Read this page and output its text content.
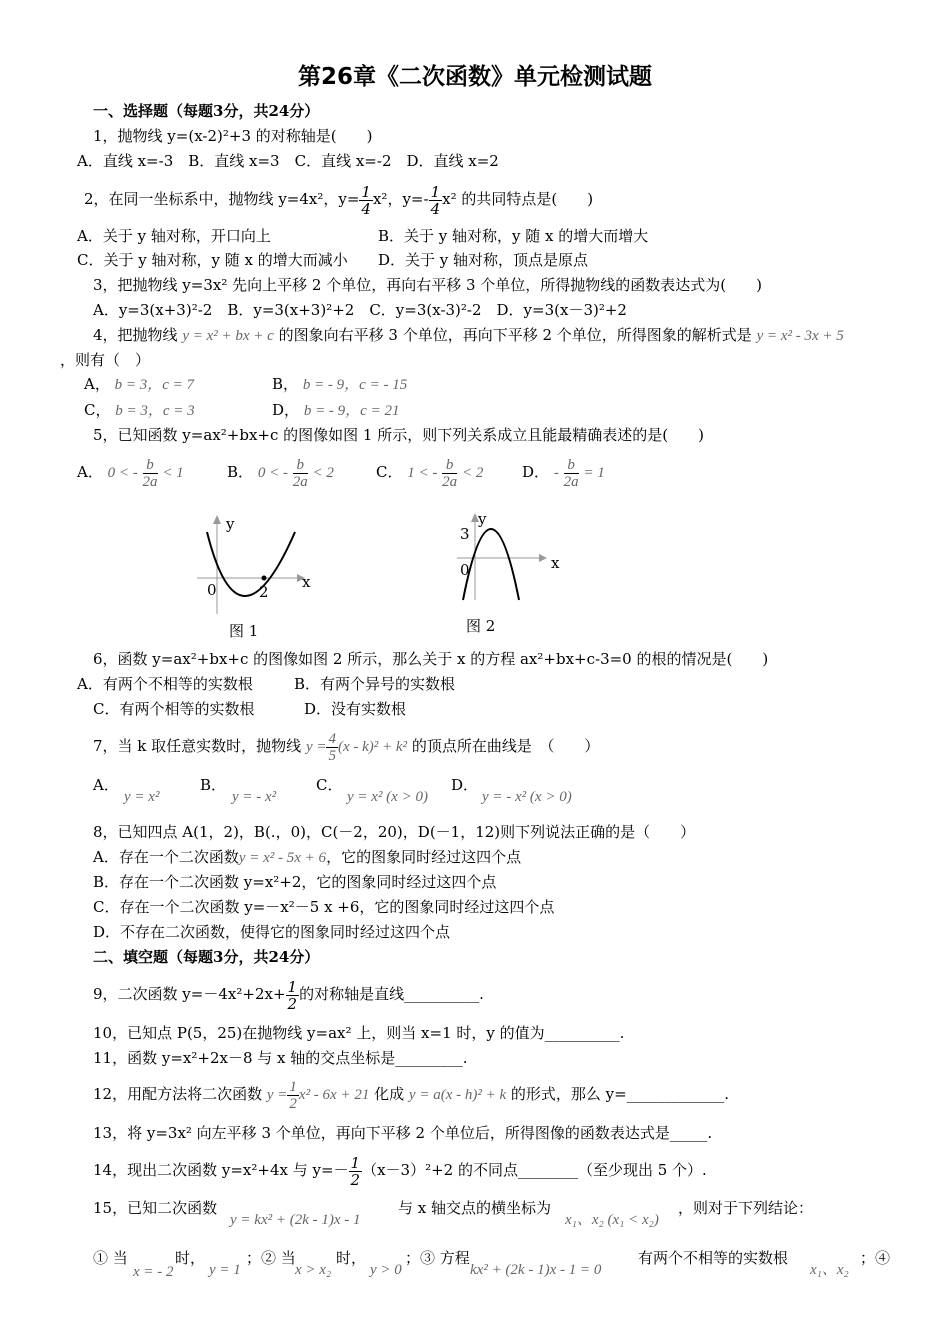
第26章《二次函数》单元检测试题
一、选择题（每题3分，共24分）
1，抛物线 y=(x-2)²+3 的对称轴是(　　)
A．直线 x=-3　B．直线 x=3　C．直线 x=-2　D．直线 x=2
2，在同一坐标系中，抛物线 y=4x²，$y= \frac{1}{4} x^2$，$y=- \frac{1}{4} x^2$ 的共同特点是(　　)
A．关于 y 轴对称，开口向上	B．关于 y 轴对称，y 随 x 的增大而增大
C．关于 y 轴对称，y 随 x 的增大而减小 D．关于 y 轴对称，顶点是原点
3，把抛物线 y=3x² 先向上平移 2 个单位，再向右平移 3 个单位，所得抛物线的函数表达式为(　　)
A．y=3(x+3)²-2　B．y=3(x+3)²+2　C．y=3(x-3)²-2　D．y=3(x－3)²+2
4，把抛物线 y = x² + bx + c 的图象向右平移 3 个单位，再向下平移 2 个单位，所得图象的解析式是 y = x² - 3x + 5
，则有（　）
A， b = 3，c = 7	B， b = - 9，c = - 15
C， b = 3，c = 3	D， b = - 9，c = 21
5，已知函数 y=ax²+bx+c 的图像如图 1 所示，则下列关系成立且能最精确表述的是(　　)
A． 0 < - $\frac{b}{2a} < 1$	B． 0 < - $\frac{b}{2a} < 2$	C． 1 < - $\frac{b}{2a} < 2$	D． - $\frac{b}{2a} = 1$
y
x
0	2
图 1
y
x
3
0
图 2
6，函数 y=ax²+bx+c 的图像如图 2 所示，那么关于 x 的方程 ax²+bx+c-3=0 的根的情况是(　　)
A．有两个不相等的实数根	B．有两个异号的实数根
C．有两个相等的实数根	D．没有实数根
7，当 k 取任意实数时，抛物线 $y = \frac{4}{5} (x - k)^2 + k^2$ 的顶点所在曲线是　（　　）
A．
y = x²
B．
y = - x²
C．
y = x² (x > 0)
D．
y = - x² (x > 0)
8，已知四点 A(1，2)，B(.，0)，C(－2，20)，D(－1，12)则下列说法正确的是（　　）
A．存在一个二次函数y = x² - 5x + 6，它的图象同时经过这四个点
B．存在一个二次函数 y=x²+2，它的图象同时经过这四个点
C．存在一个二次函数 y=－x²－5 x +6，它的图象同时经过这四个点
D．不存在二次函数，使得它的图象同时经过这四个点
二、填空题（每题3分，共24分）
9，二次函数 $y=-4x^2+2x+ \frac{1}{2}$ 的对称轴是直线__________.
10，已知点 P(5，25)在抛物线 y=ax² 上，则当 x=1 时，y 的值为__________.
11，函数 y=x²+2x－8 与 x 轴的交点坐标是_________.
12，用配方法将二次函数 $y = \frac{1}{2} x^2 - 6x + 21$ 化成 y = a(x - h)² + k 的形式，那么 y=_____________.
13，将 y=3x² 向左平移 3 个单位，再向下平移 2 个单位后，所得图像的函数表达式是_____.
14，现出二次函数 y=x²+4x 与 $y=- \frac{1}{2} (x-3)^2+2$ 的不同点________（至少现出 5 个）.
15，已知二次函数
y = kx² + (2k - 1)x - 1
与 x 轴交点的横坐标为
x₁、x₂ (x₁ < x₂)
，则对于下列结论：
① 当
x = - 2
时，
y = 1
；② 当
x > x₂
时，
y > 0
；③ 方程
kx² + (2k - 1)x - 1 = 0
有两个不相等的实数根
x₁、x₂
；④
